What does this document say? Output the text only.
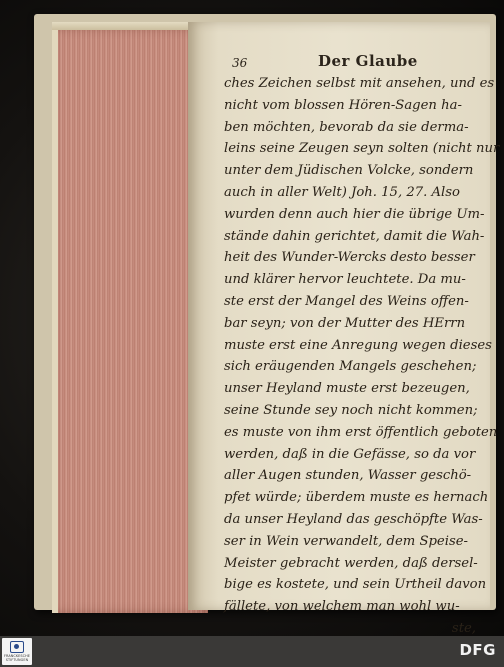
36	Der Glaube
ches Zeichen selbst mit ansehen, und es
nicht vom blossen Hören-Sagen ha-
ben möchten, bevorab da sie derma-
leins seine Zeugen seyn solten (nicht nur
unter dem Jüdischen Volcke, sondern
auch in aller Welt) Joh. 15, 27. Also
wurden denn auch hier die übrige Um-
stände dahin gerichtet, damit die Wah-
heit des Wunder-Wercks desto besser
und klärer hervor leuchtete. Da mu-
ste erst der Mangel des Weins offen-
bar seyn; von der Mutter des HErrn
muste erst eine Anregung wegen dieses
sich eräugenden Mangels geschehen;
unser Heyland muste erst bezeugen,
seine Stunde sey noch nicht kommen;
es muste von ihm erst öffentlich geboten
werden, daß in die Gefässe, so da vor
aller Augen stunden, Wasser geschö-
pfet würde; überdem muste es hernach
da unser Heyland das geschöpfte Was-
ser in Wein verwandelt, dem Speise-
Meister gebracht werden, daß dersel-
bige es kostete, und sein Urtheil davon
fällete, von welchem man wohl wu-
ste,
FRANCKESCHE STIFTUNGEN
DFG
